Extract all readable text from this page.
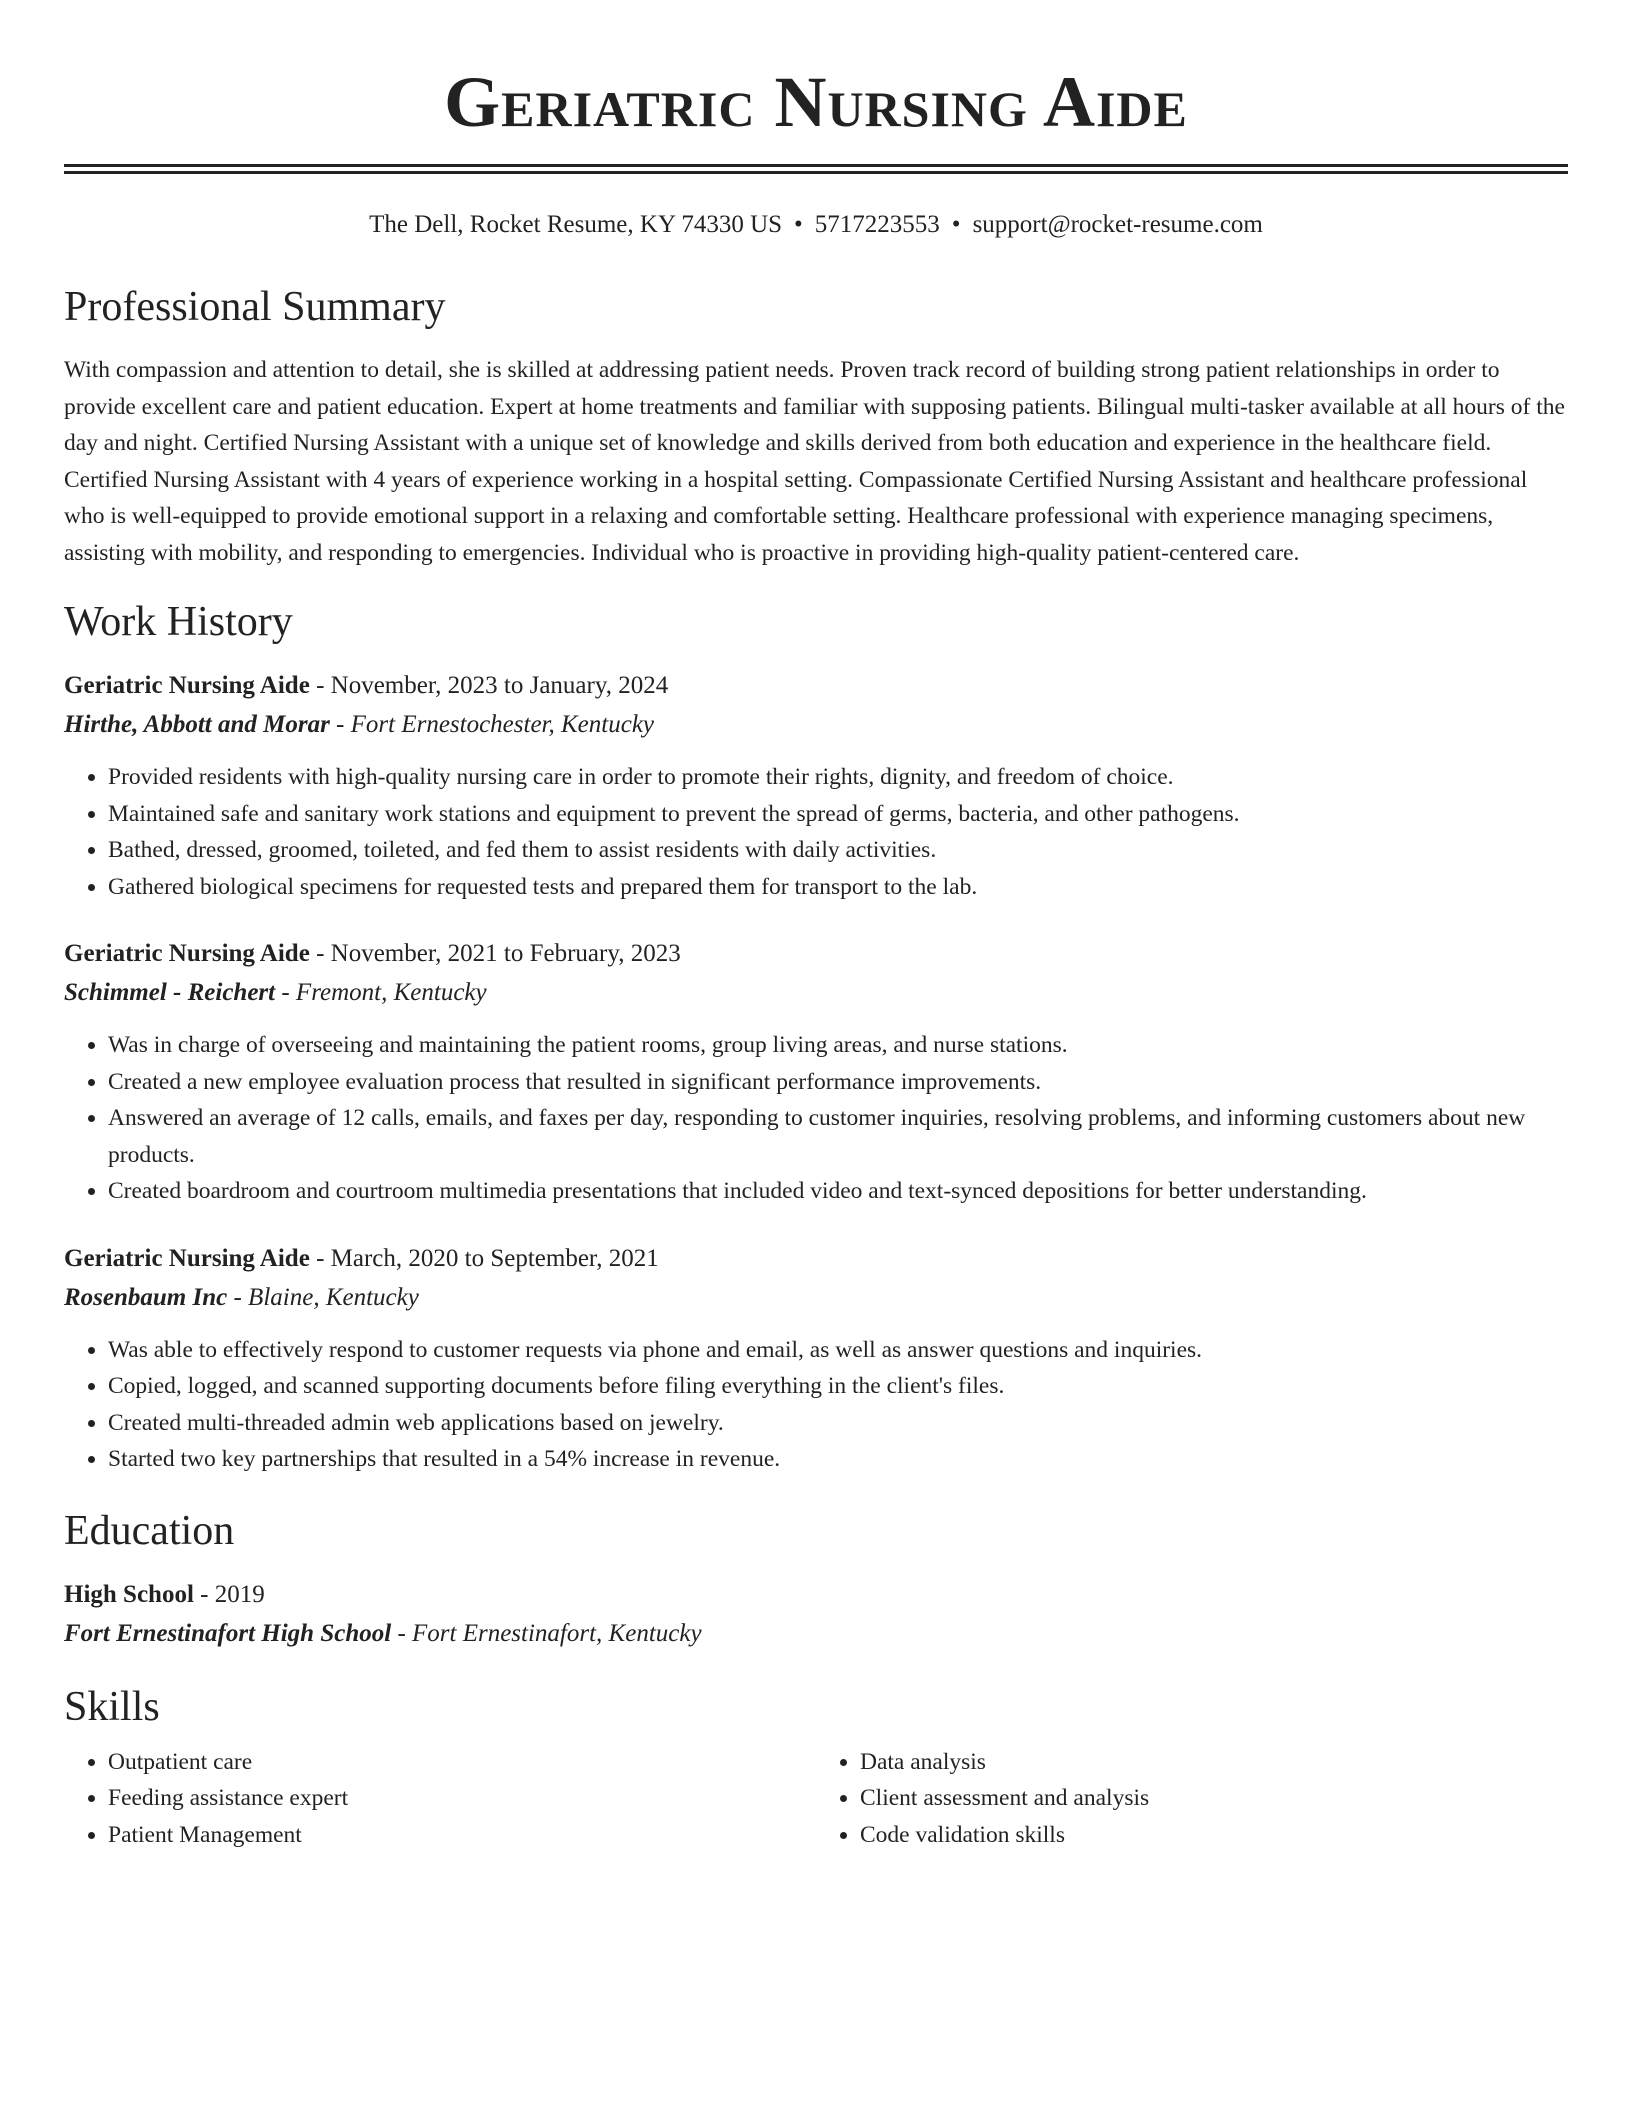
Geriatric Nursing Aide
The Dell, Rocket Resume, KY 74330 US • 5717223553 • support@rocket-resume.com
Professional Summary

With compassion and attention to detail, she is skilled at addressing patient needs. Proven track record of building strong patient relationships in order to provide excellent care and patient education. Expert at home treatments and familiar with supposing patients. Bilingual multi-tasker available at all hours of the day and night. Certified Nursing Assistant with a unique set of knowledge and skills derived from both education and experience in the healthcare field. Certified Nursing Assistant with 4 years of experience working in a hospital setting. Compassionate Certified Nursing Assistant and healthcare professional who is well-equipped to provide emotional support in a relaxing and comfortable setting. Healthcare professional with experience managing specimens, assisting with mobility, and responding to emergencies. Individual who is proactive in providing high-quality patient-centered care.

Work History
Geriatric Nursing Aide - November, 2023 to January, 2024
Hirthe, Abbott and Morar - Fort Ernestochester, Kentucky
• Provided residents with high-quality nursing care in order to promote their rights, dignity, and freedom of choice.
• Maintained safe and sanitary work stations and equipment to prevent the spread of germs, bacteria, and other pathogens.
• Bathed, dressed, groomed, toileted, and fed them to assist residents with daily activities.
• Gathered biological specimens for requested tests and prepared them for transport to the lab.
Geriatric Nursing Aide - November, 2021 to February, 2023
Schimmel - Reichert - Fremont, Kentucky
• Was in charge of overseeing and maintaining the patient rooms, group living areas, and nurse stations.
• Created a new employee evaluation process that resulted in significant performance improvements.
• Answered an average of 12 calls, emails, and faxes per day, responding to customer inquiries, resolving problems, and informing customers about new products.
• Created boardroom and courtroom multimedia presentations that included video and text-synced depositions for better understanding.
Geriatric Nursing Aide - March, 2020 to September, 2021
Rosenbaum Inc - Blaine, Kentucky
• Was able to effectively respond to customer requests via phone and email, as well as answer questions and inquiries.
• Copied, logged, and scanned supporting documents before filing everything in the client's files.
• Created multi-threaded admin web applications based on jewelry.
• Started two key partnerships that resulted in a 54% increase in revenue.
Education
High School - 2019
Fort Ernestinafort High School - Fort Ernestinafort, Kentucky
Skills
• Outpatient care
• Feeding assistance expert
• Patient Management
• Data analysis
• Client assessment and analysis
• Code validation skills
